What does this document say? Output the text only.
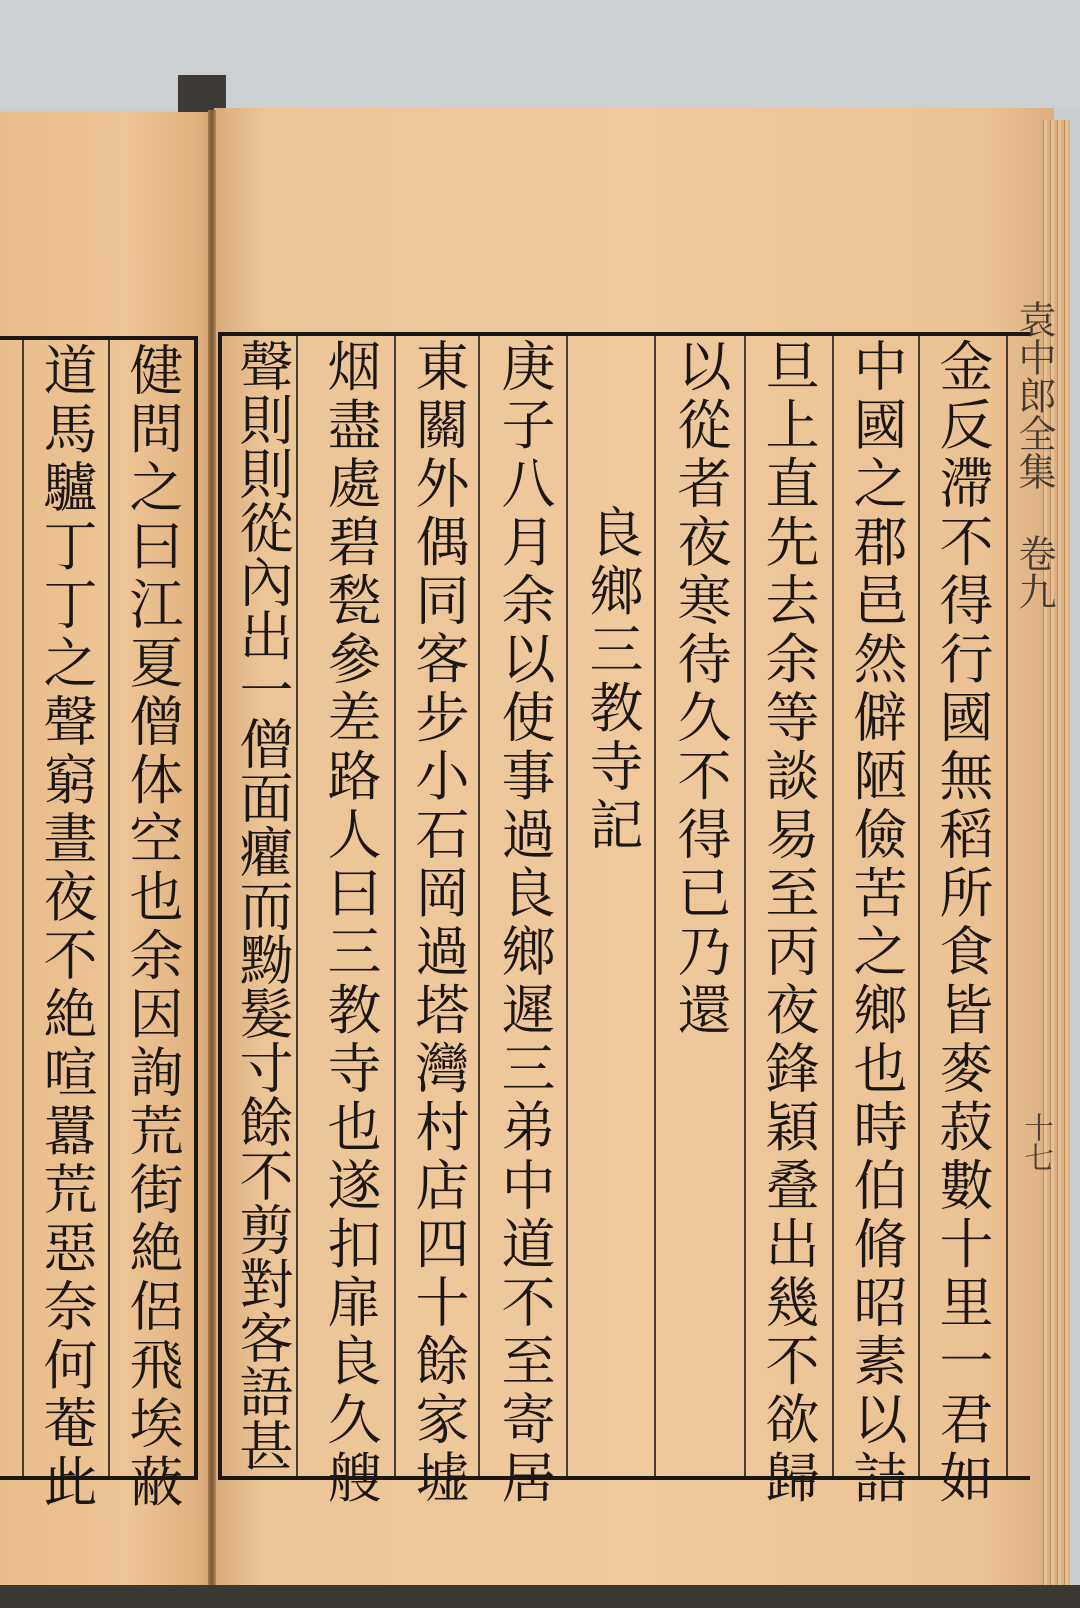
金反滯不得行國無稻所食皆麥菽數十里一君如
中國之郡邑然僻陋儉苦之鄉也時伯脩昭素以詰
旦上直先去余等談易至丙夜鋒穎叠出幾不欲歸
以從者夜寒待久不得已乃還
良鄉三教寺記
庚子八月余以使事過良鄉遲三弟中道不至寄居
東關外偶同客步小石岡過塔灣村店四十餘家墟
烟盡處碧甃參差路人曰三教寺也遂扣扉良久艘
聲則則從內出一僧面癯而黝髮寸餘不剪對客語甚
健問之曰江夏僧体空也余因詢荒街絶侶飛埃蔽
道馬驢丁丁之聲窮晝夜不絶喧囂荒惡奈何菴此	袁中郎全集 卷九
十七
